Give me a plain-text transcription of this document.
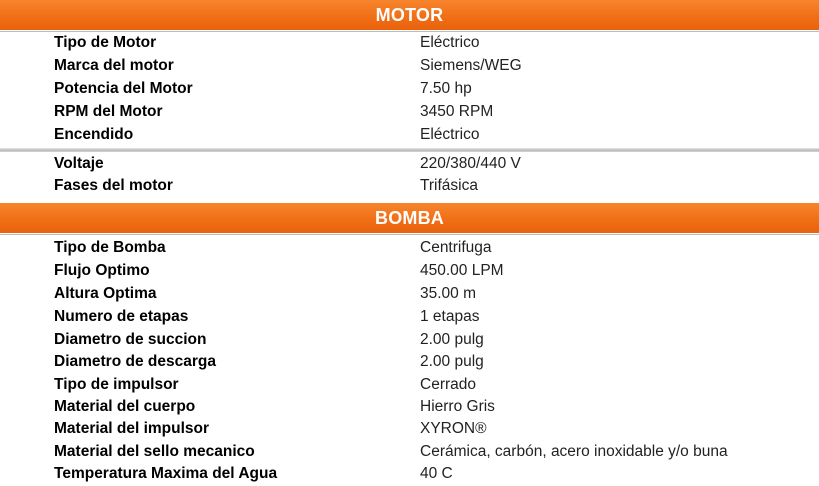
MOTOR
Tipo de Motor	Eléctrico
Marca del motor	Siemens/WEG
Potencia del Motor	7.50 hp
RPM del Motor	3450 RPM
Encendido	Eléctrico
Voltaje	220/380/440 V
Fases del motor	Trifásica
BOMBA
Tipo de Bomba	Centrifuga
Flujo Optimo	450.00 LPM
Altura Optima	35.00 m
Numero de etapas	1 etapas
Diametro de succion	2.00 pulg
Diametro de descarga	2.00 pulg
Tipo de impulsor	Cerrado
Material del cuerpo	Hierro Gris
Material del impulsor	XYRON®
Material del sello mecanico	Cerámica, carbón, acero inoxidable y/o buna
Temperatura Maxima del Agua	40 C
